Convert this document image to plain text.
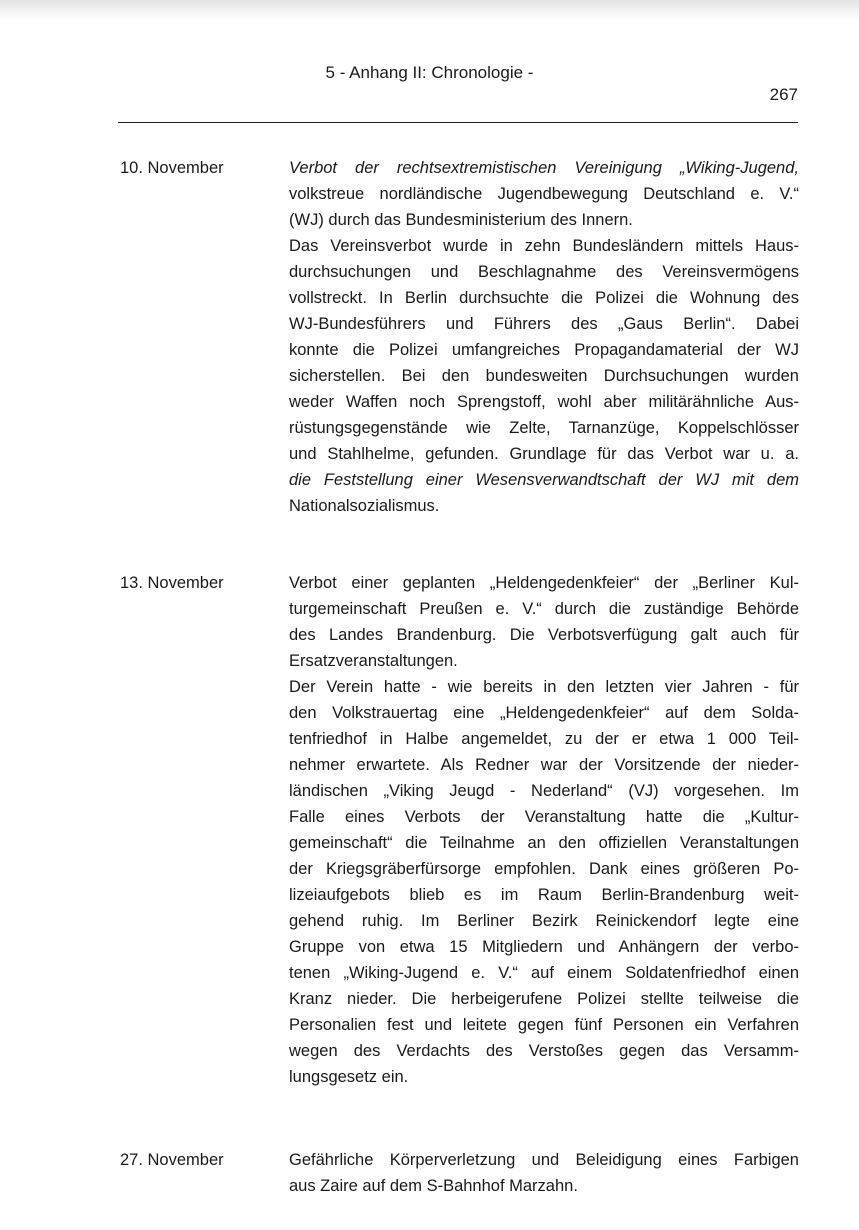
5 - Anhang II: Chronologie -
267
10. November	Verbot der rechtsextremistischen Vereinigung „Wiking-Jugend,
volkstreue nordländische Jugendbewegung Deutschland e. V.“
(WJ) durch das Bundesministerium des Innern.
Das Vereinsverbot wurde in zehn Bundesländern mittels Haus-
durchsuchungen und Beschlagnahme des Vereinsvermögens
vollstreckt. In Berlin durchsuchte die Polizei die Wohnung des
WJ-Bundesführers und Führers des „Gaus Berlin“. Dabei
konnte die Polizei umfangreiches Propagandamaterial der WJ
sicherstellen. Bei den bundesweiten Durchsuchungen wurden
weder Waffen noch Sprengstoff, wohl aber militärähnliche Aus-
rüstungsgegenstände wie Zelte, Tarnanzüge, Koppelschlösser
und Stahlhelme, gefunden. Grundlage für das Verbot war u. a.
die Feststellung einer Wesensverwandtschaft der WJ mit dem
Nationalsozialismus.
13. November	Verbot einer geplanten „Heldengedenkfeier“ der „Berliner Kul-
turgemeinschaft Preußen e. V.“ durch die zuständige Behörde
des Landes Brandenburg. Die Verbotsverfügung galt auch für
Ersatzveranstaltungen.
Der Verein hatte - wie bereits in den letzten vier Jahren - für
den Volkstrauertag eine „Heldengedenkfeier“ auf dem Solda-
tenfriedhof in Halbe angemeldet, zu der er etwa 1 000 Teil-
nehmer erwartete. Als Redner war der Vorsitzende der nieder-
ländischen „Viking Jeugd - Nederland“ (VJ) vorgesehen. Im
Falle eines Verbots der Veranstaltung hatte die „Kultur-
gemeinschaft“ die Teilnahme an den offiziellen Veranstaltungen
der Kriegsgräberfürsorge empfohlen. Dank eines größeren Po-
lizeiaufgebots blieb es im Raum Berlin-Brandenburg weit-
gehend ruhig. Im Berliner Bezirk Reinickendorf legte eine
Gruppe von etwa 15 Mitgliedern und Anhängern der verbo-
tenen „Wiking-Jugend e. V.“ auf einem Soldatenfriedhof einen
Kranz nieder. Die herbeigerufene Polizei stellte teilweise die
Personalien fest und leitete gegen fünf Personen ein Verfahren
wegen des Verdachts des Verstoßes gegen das Versamm-
lungsgesetz ein.
27. November	Gefährliche Körperverletzung und Beleidigung eines Farbigen
aus Zaire auf dem S-Bahnhof Marzahn.
